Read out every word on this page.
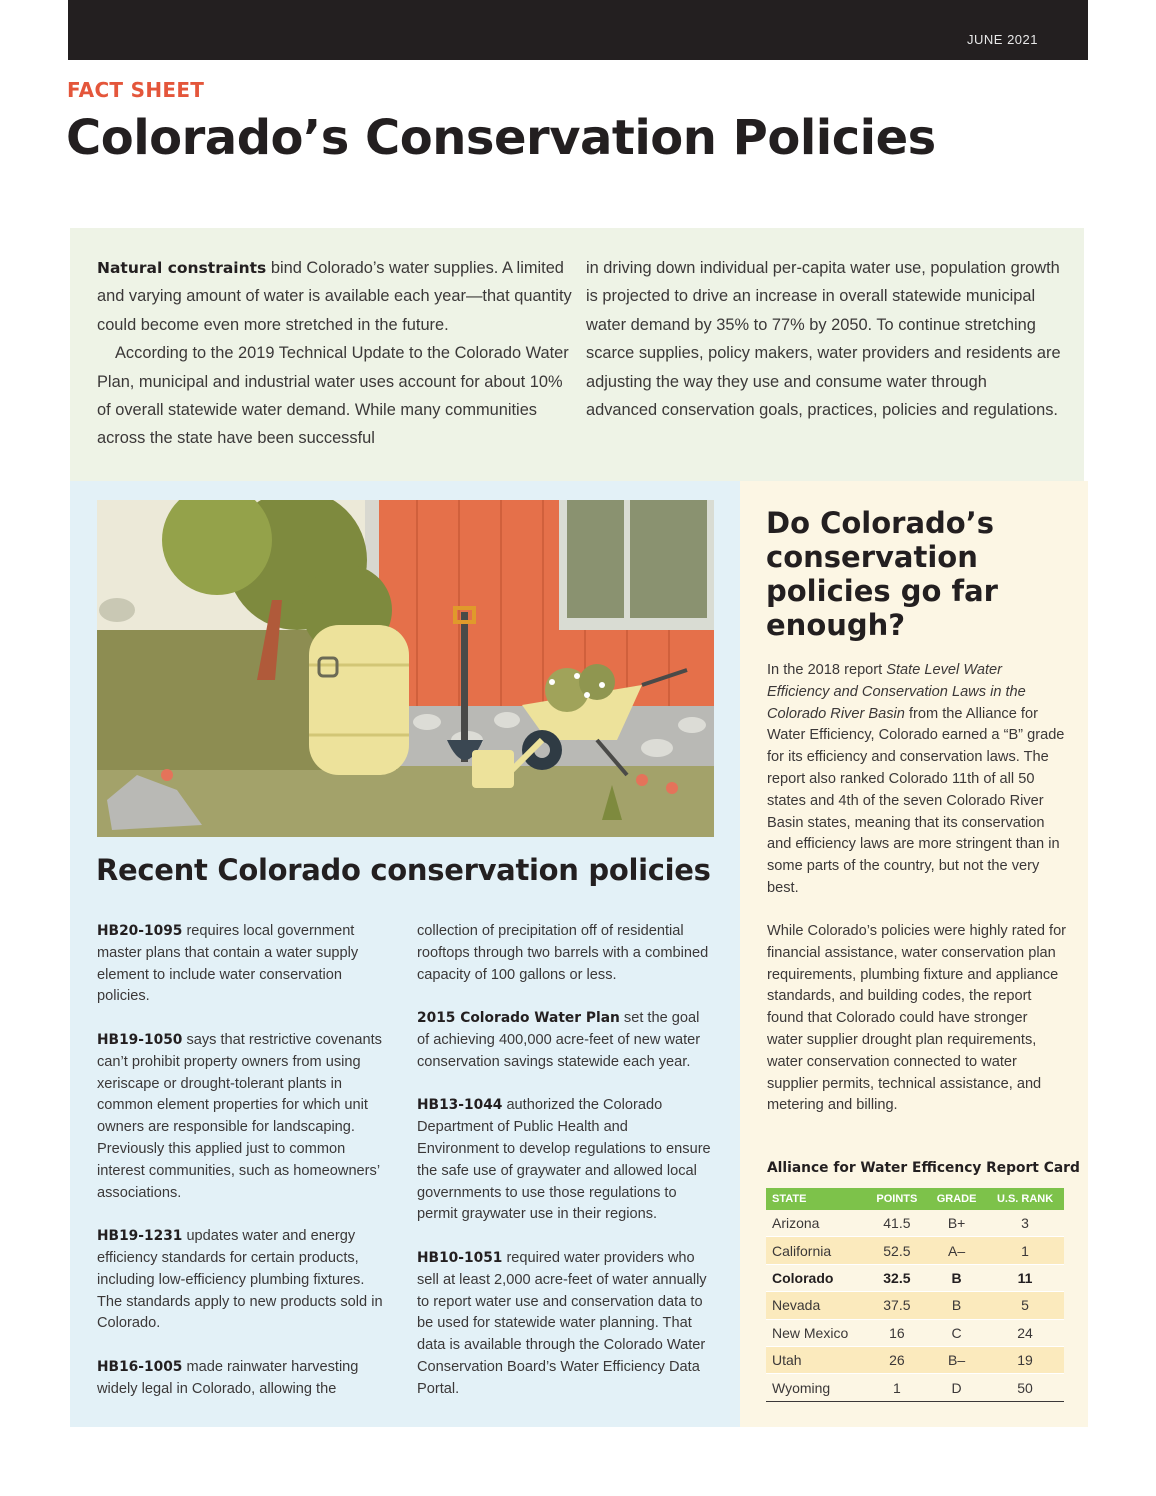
JUNE 2021
FACT SHEET
Colorado’s Conservation Policies

Natural constraints bind Colorado’s water supplies. A limited and varying amount of water is available each year—that quantity could become even more stretched in the future.

According to the 2019 Technical Update to the Colorado Water Plan, municipal and industrial water uses account for about 10% of overall statewide water demand. While many communities across the state have been successful

in driving down individual per-capita water use, population growth is projected to drive an increase in overall statewide municipal water demand by 35% to 77% by 2050. To continue stretching scarce supplies, policy makers, water providers and residents are adjusting the way they use and consume water through advanced conservation goals, practices, policies and regulations.

Recent Colorado conservation policies

HB20-1095 requires local government master plans that contain a water supply element to include water conservation policies.

HB19-1050 says that restrictive covenants can’t prohibit property owners from using xeriscape or drought-tolerant plants in common element properties for which unit owners are responsible for landscaping. Previously this applied just to common interest communities, such as homeowners’ associations.

HB19-1231 updates water and energy efficiency standards for certain products, including low-efficiency plumbing fixtures. The standards apply to new products sold in Colorado.

HB16-1005 made rainwater harvesting widely legal in Colorado, allowing the

collection of precipitation off of residential rooftops through two barrels with a combined capacity of 100 gallons or less.

2015 Colorado Water Plan set the goal of achieving 400,000 acre-feet of new water conservation savings statewide each year.

HB13-1044 authorized the Colorado Department of Public Health and Environment to develop regulations to ensure the safe use of graywater and allowed local governments to use those regulations to permit graywater use in their regions.

HB10-1051 required water providers who sell at least 2,000 acre-feet of water annually to report water use and conservation data to be used for statewide water planning. That data is available through the Colorado Water Conservation Board’s Water Efficiency Data Portal.

Do Colorado’s conservation policies go far enough?

In the 2018 report State Level Water Efficiency and Conservation Laws in the Colorado River Basin from the Alliance for Water Efficiency, Colorado earned a “B” grade for its efficiency and conservation laws. The report also ranked Colorado 11th of all 50 states and 4th of the seven Colorado River Basin states, meaning that its conservation and efficiency laws are more stringent than in some parts of the country, but not the very best.

While Colorado’s policies were highly rated for financial assistance, water conservation plan requirements, plumbing fixture and appliance standards, and building codes, the report found that Colorado could have stronger water supplier drought plan requirements, water conservation connected to water supplier permits, technical assistance, and metering and billing.

Alliance for Water Efficency Report Card
STATE	POINTS	GRADE	U.S. RANK
Arizona	41.5	B+	3
California	52.5	A–	1
Colorado	32.5	B	11
Nevada	37.5	B	5
New Mexico	16	C	24
Utah	26	B–	19
Wyoming	1	D	50
